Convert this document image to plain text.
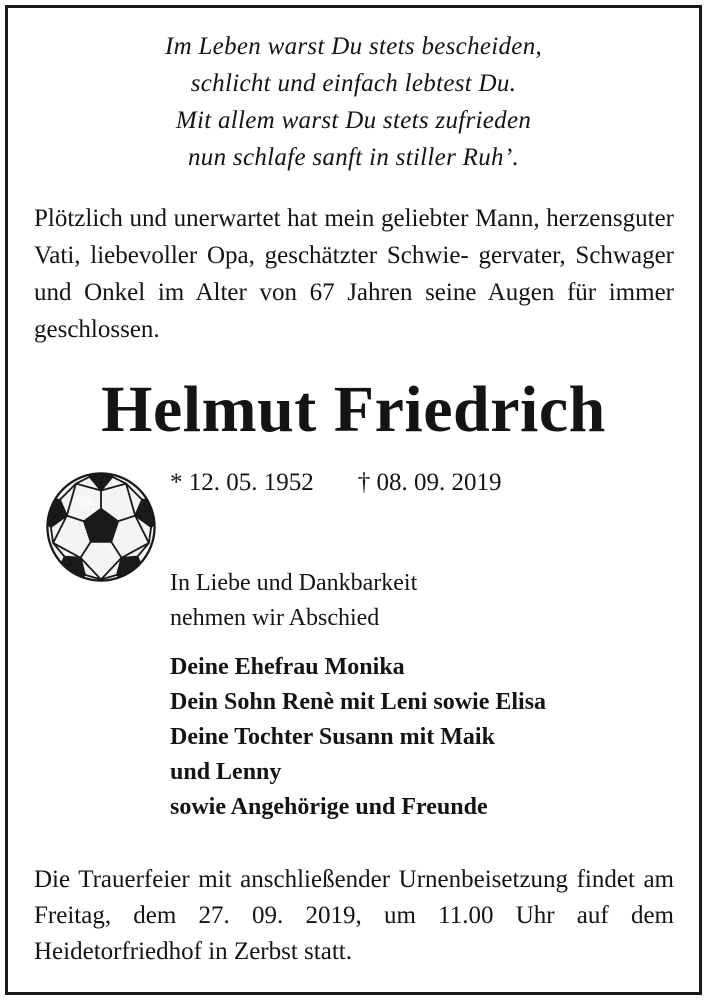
Im Leben warst Du stets bescheiden,
schlicht und einfach lebtest Du.
Mit allem warst Du stets zufrieden
nun schlafe sanft in stiller Ruh’.
Plötzlich und unerwartet hat mein geliebter Mann, herzensguter Vati, liebevoller Opa, geschätzter Schwie- gervater, Schwager und Onkel im Alter von 67 Jahren seine Augen für immer geschlossen.
Helmut Friedrich
* 12. 05. 1952 † 08. 09. 2019
In Liebe und Dankbarkeit
nehmen wir Abschied
Deine Ehefrau Monika
Dein Sohn Renè mit Leni sowie Elisa
Deine Tochter Susann mit Maik
und Lenny
sowie Angehörige und Freunde
Die Trauerfeier mit anschließender Urnenbeisetzung findet am Freitag, dem 27. 09. 2019, um 11.00 Uhr auf dem Heidetorfriedhof in Zerbst statt.
